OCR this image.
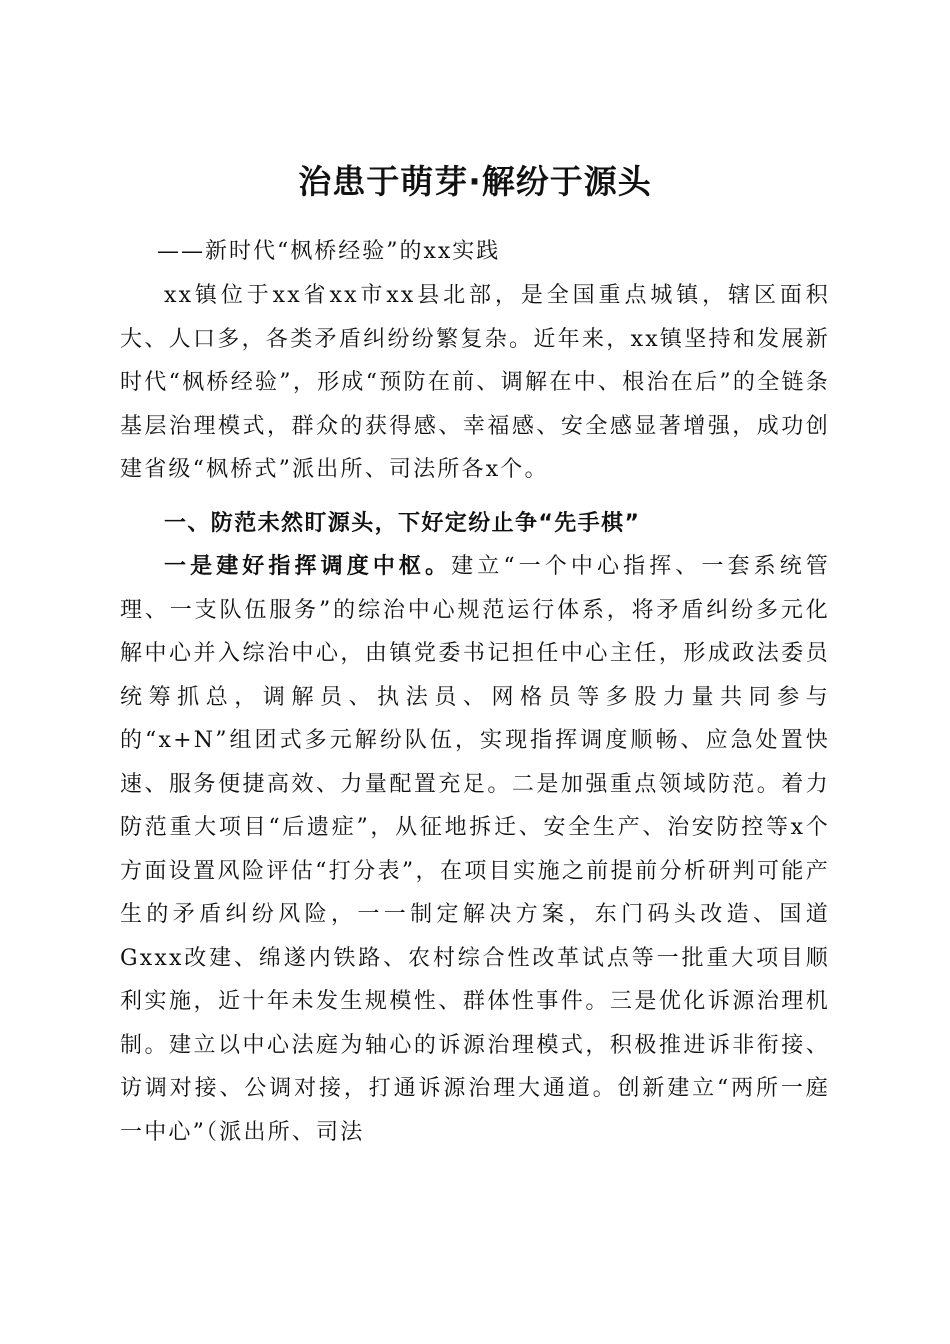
治患于萌芽·解纷于源头

——新时代“枫桥经验”的xx实践

xx镇位于xx省xx市xx县北部，是全国重点城镇，辖区面积大、人口多，各类矛盾纠纷纷繁复杂。近年来，xx镇坚持和发展新时代“枫桥经验”，形成“预防在前、调解在中、根治在后”的全链条基层治理模式，群众的获得感、幸福感、安全感显著增强，成功创建省级“枫桥式”派出所、司法所各x个。

一、防范未然盯源头，下好定纷止争“先手棋”

一是建好指挥调度中枢。建立“一个中心指挥、一套系统管理、一支队伍服务”的综治中心规范运行体系，将矛盾纠纷多元化解中心并入综治中心，由镇党委书记担任中心主任，形成政法委员统筹抓总，调解员、执法员、网格员等多股力量共同参与的“x+N”组团式多元解纷队伍，实现指挥调度顺畅、应急处置快速、服务便捷高效、力量配置充足。二是加强重点领域防范。着力防范重大项目“后遗症”，从征地拆迁、安全生产、治安防控等x个方面设置风险评估“打分表”，在项目实施之前提前分析研判可能产生的矛盾纠纷风险，一一制定解决方案，东门码头改造、国道Gxxx改建、绵遂内铁路、农村综合性改革试点等一批重大项目顺利实施，近十年未发生规模性、群体性事件。三是优化诉源治理机制。建立以中心法庭为轴心的诉源治理模式，积极推进诉非衔接、访调对接、公调对接，打通诉源治理大通道。创新建立“两所一庭一中心”（派出所、司法
